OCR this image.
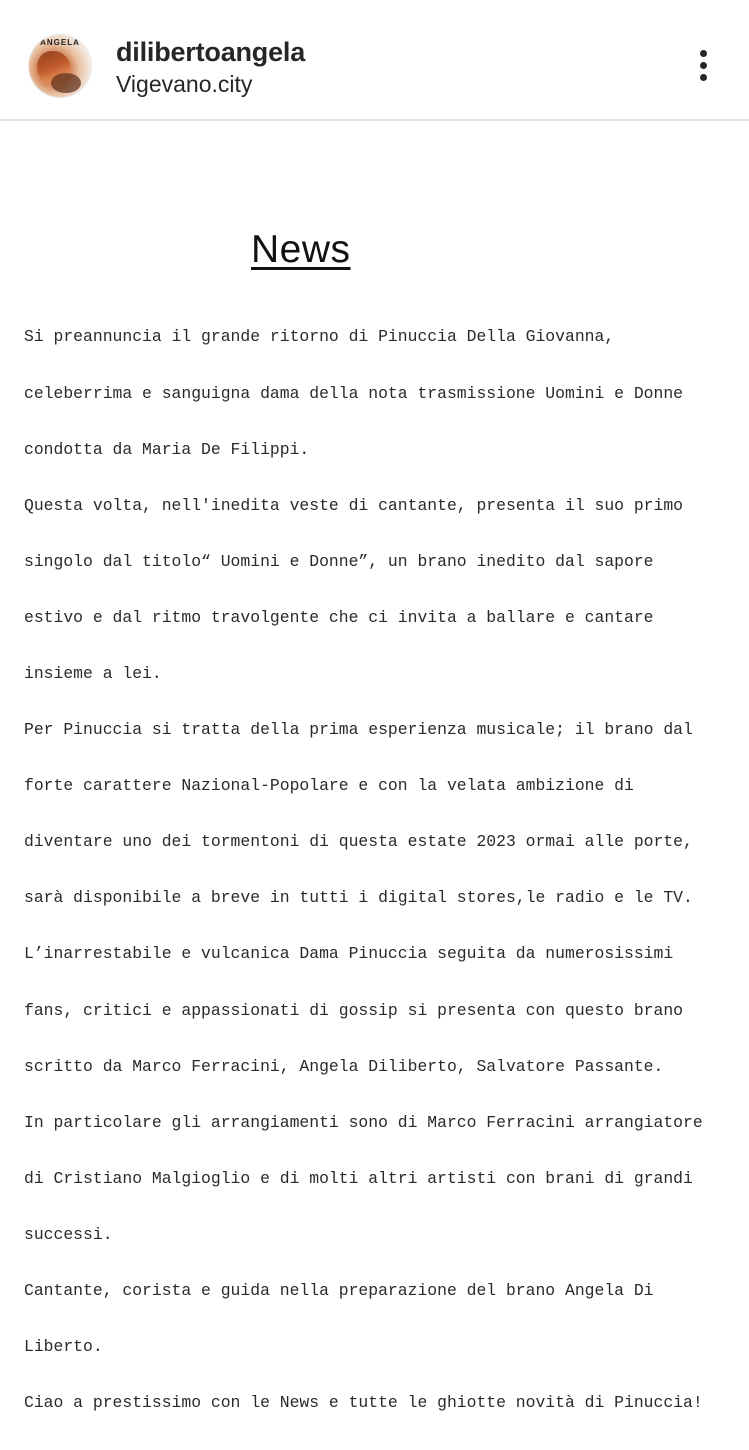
ANGELA	dilibertoangela
Vigevano.city
News

Si preannuncia il grande ritorno di Pinuccia Della Giovanna,

celeberrima e sanguigna dama della nota trasmissione Uomini e Donne

condotta da Maria De Filippi.

Questa volta, nell'inedita veste di cantante, presenta il suo primo

singolo dal titolo“ Uomini e Donne”, un brano inedito dal sapore

estivo e dal ritmo travolgente che ci invita a ballare e cantare

insieme a lei.

Per Pinuccia si tratta della prima esperienza musicale; il brano dal

forte carattere Nazional-Popolare e con la velata ambizione di

diventare uno dei tormentoni di questa estate 2023 ormai alle porte,

sarà disponibile a breve in tutti i digital stores,le radio e le TV.

L’inarrestabile e vulcanica Dama Pinuccia seguita da numerosissimi

fans, critici e appassionati di gossip si presenta con questo brano

scritto da Marco Ferracini, Angela Diliberto, Salvatore Passante.

In particolare gli arrangiamenti sono di Marco Ferracini arrangiatore

di Cristiano Malgioglio e di molti altri artisti con brani di grandi

successi.

Cantante, corista e guida nella preparazione del brano Angela Di

Liberto.

Ciao a prestissimo con le News e tutte le ghiotte novità di Pinuccia!
